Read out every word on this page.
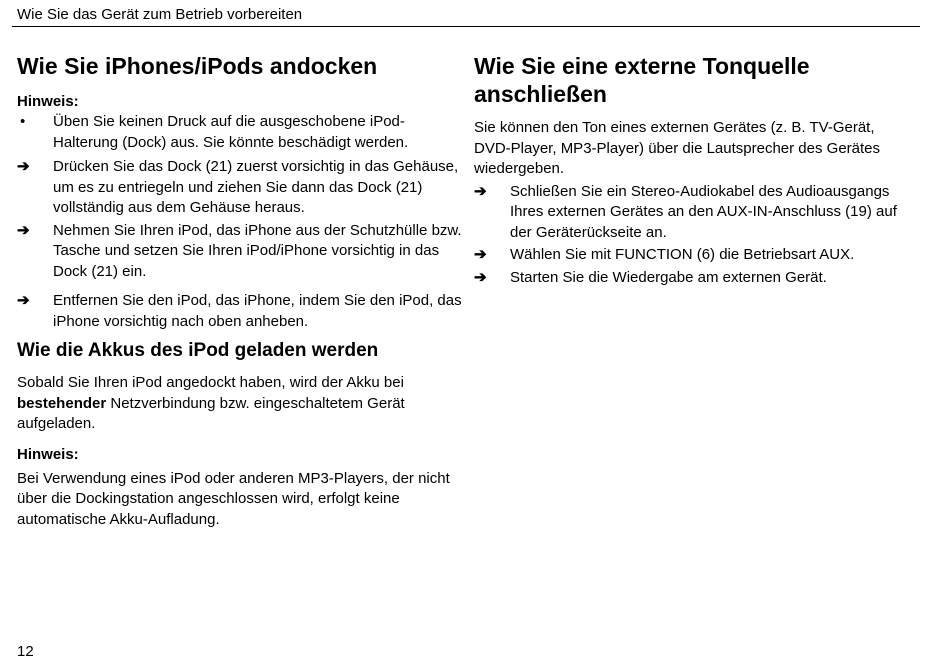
Wie Sie das Gerät zum Betrieb vorbereiten
Wie Sie iPhones/iPods andocken
Hinweis:
•	Üben Sie keinen Druck auf die ausgeschobene iPod-Halterung (Dock) aus. Sie könnte beschädigt werden.
➔	Drücken Sie das Dock (21) zuerst vorsichtig in das Gehäuse, um es zu entriegeln und ziehen Sie dann das Dock (21) vollständig aus dem Gehäuse heraus.
➔	Nehmen Sie Ihren iPod, das iPhone aus der Schutzhülle bzw. Tasche und setzen Sie Ihren iPod/iPhone vorsichtig in das Dock (21) ein.
➔	Entfernen Sie den iPod, das iPhone, indem Sie den iPod, das iPhone vorsichtig nach oben anheben.
Wie die Akkus des iPod geladen werden

Sobald Sie Ihren iPod angedockt haben, wird der Akku bei bestehender Netzverbindung bzw. eingeschaltetem Gerät aufgeladen.

Hinweis:

Bei Verwendung eines iPod oder anderen MP3-Players, der nicht über die Dockingstation angeschlossen wird, erfolgt keine automatische Akku-Aufladung.

Wie Sie eine externe Tonquelle anschließen

Sie können den Ton eines externen Gerätes (z. B. TV-Gerät, DVD-Player, MP3-Player) über die Lautsprecher des Gerätes wiedergeben.

➔	Schließen Sie ein Stereo-Audiokabel des Audioausgangs Ihres externen Gerätes an den AUX-IN-Anschluss (19) auf der Geräterückseite an.
➔	Wählen Sie mit FUNCTION (6) die Betriebsart AUX.
➔	Starten Sie die Wiedergabe am externen Gerät.
12
